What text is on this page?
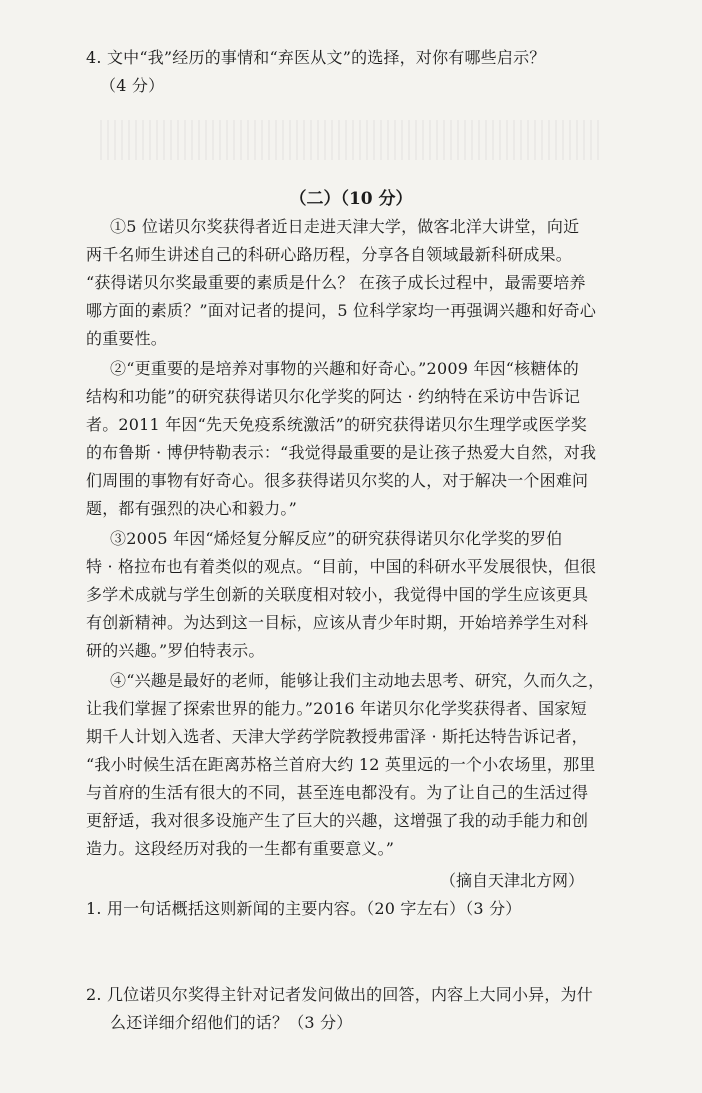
4. 文中“我”经历的事情和“弃医从文”的选择，对你有哪些启示？
（4 分）
（二）（10 分）
①5 位诺贝尔奖获得者近日走进天津大学，做客北洋大讲堂，向近
两千名师生讲述自己的科研心路历程，分享各自领域最新科研成果。
“获得诺贝尔奖最重要的素质是什么？ 在孩子成长过程中，最需要培养
哪方面的素质？”面对记者的提问，5 位科学家均一再强调兴趣和好奇心
的重要性。
②“更重要的是培养对事物的兴趣和好奇心。”2009 年因“核糖体的
结构和功能”的研究获得诺贝尔化学奖的阿达 · 约纳特在采访中告诉记
者。2011 年因“先天免疫系统激活”的研究获得诺贝尔生理学或医学奖
的布鲁斯 · 博伊特勒表示：“我觉得最重要的是让孩子热爱大自然，对我
们周围的事物有好奇心。很多获得诺贝尔奖的人，对于解决一个困难问
题，都有强烈的决心和毅力。”
③2005 年因“烯烃复分解反应”的研究获得诺贝尔化学奖的罗伯
特 · 格拉布也有着类似的观点。“目前，中国的科研水平发展很快，但很
多学术成就与学生创新的关联度相对较小，我觉得中国的学生应该更具
有创新精神。为达到这一目标，应该从青少年时期，开始培养学生对科
研的兴趣。”罗伯特表示。
④“兴趣是最好的老师，能够让我们主动地去思考、研究，久而久之，
让我们掌握了探索世界的能力。”2016 年诺贝尔化学奖获得者、国家短
期千人计划入选者、天津大学药学院教授弗雷泽 · 斯托达特告诉记者，
“我小时候生活在距离苏格兰首府大约 12 英里远的一个小农场里，那里
与首府的生活有很大的不同，甚至连电都没有。为了让自己的生活过得
更舒适，我对很多设施产生了巨大的兴趣，这增强了我的动手能力和创
造力。这段经历对我的一生都有重要意义。”
（摘自天津北方网）
1. 用一句话概括这则新闻的主要内容。（20 字左右）（3 分）
2. 几位诺贝尔奖得主针对记者发问做出的回答，内容上大同小异，为什
么还详细介绍他们的话？（3 分）
